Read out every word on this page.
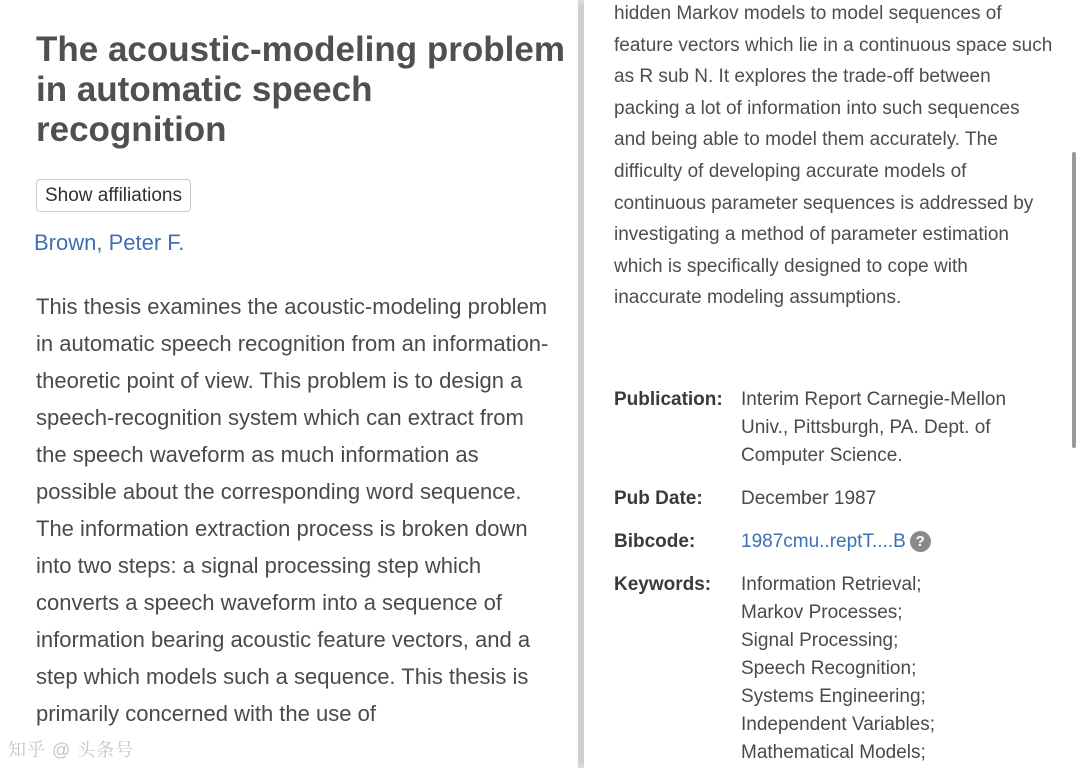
The acoustic-modeling problem in automatic speech recognition
Show affiliations
Brown, Peter F.

This thesis examines the acoustic-modeling problem in automatic speech recognition from an information-theoretic point of view. This problem is to design a speech-recognition system which can extract from the speech waveform as much information as possible about the corresponding word sequence. The information extraction process is broken down into two steps: a signal processing step which converts a speech waveform into a sequence of information bearing acoustic feature vectors, and a step which models such a sequence. This thesis is primarily concerned with the use of

hidden Markov models to model sequences of feature vectors which lie in a continuous space such as R sub N. It explores the trade-off between packing a lot of information into such sequences and being able to model them accurately. The difficulty of developing accurate models of continuous parameter sequences is addressed by investigating a method of parameter estimation which is specifically designed to cope with inaccurate modeling assumptions.

Publication: Interim Report Carnegie-Mellon Univ., Pittsburgh, PA. Dept. of Computer Science.
Pub Date:	December 1987
Bibcode:	1987cmu..reptT....B ?
Keywords:	Information Retrieval;
Markov Processes;
Signal Processing;
Speech Recognition;
Systems Engineering;
Independent Variables;
Mathematical Models;
知乎 @ 头条号
